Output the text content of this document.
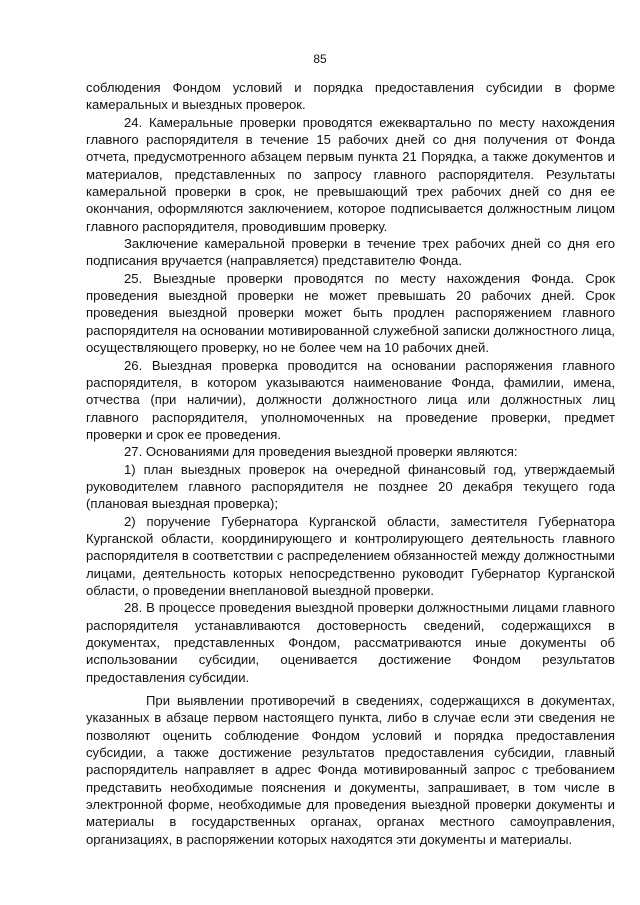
85

соблюдения Фондом условий и порядка предоставления субсидии в форме камеральных и выездных проверок.

24. Камеральные проверки проводятся ежеквартально по месту нахождения главного распорядителя в течение 15 рабочих дней со дня получения от Фонда отчета, предусмотренного абзацем первым пункта 21 Порядка, а также документов и материалов, представленных по запросу главного распорядителя. Результаты камеральной проверки в срок, не превышающий трех рабочих дней со дня ее окончания, оформляются заключением, которое подписывается должностным лицом главного распорядителя, проводившим проверку.

Заключение камеральной проверки в течение трех рабочих дней со дня его подписания вручается (направляется) представителю Фонда.

25. Выездные проверки проводятся по месту нахождения Фонда. Срок проведения выездной проверки не может превышать 20 рабочих дней. Срок проведения выездной проверки может быть продлен распоряжением главного распорядителя на основании мотивированной служебной записки должностного лица, осуществляющего проверку, но не более чем на 10 рабочих дней.

26. Выездная проверка проводится на основании распоряжения главного распорядителя, в котором указываются наименование Фонда, фамилии, имена, отчества (при наличии), должности должностного лица или должностных лиц главного распорядителя, уполномоченных на проведение проверки, предмет проверки и срок ее проведения.

27. Основаниями для проведения выездной проверки являются:

1) план выездных проверок на очередной финансовый год, утверждаемый руководителем главного распорядителя не позднее 20 декабря текущего года (плановая выездная проверка);

2) поручение Губернатора Курганской области, заместителя Губернатора Курганской области, координирующего и контролирующего деятельность главного распорядителя в соответствии с распределением обязанностей между должностными лицами, деятельность которых непосредственно руководит Губернатор Курганской области, о проведении внеплановой выездной проверки.

28. В процессе проведения выездной проверки должностными лицами главного распорядителя устанавливаются достоверность сведений, содержащихся в документах, представленных Фондом, рассматриваются иные документы об использовании субсидии, оценивается достижение Фондом результатов предоставления субсидии.

При выявлении противоречий в сведениях, содержащихся в документах, указанных в абзаце первом настоящего пункта, либо в случае если эти сведения не позволяют оценить соблюдение Фондом условий и порядка предоставления субсидии, а также достижение результатов предоставления субсидии, главный распорядитель направляет в адрес Фонда мотивированный запрос с требованием представить необходимые пояснения и документы, запрашивает, в том числе в электронной форме, необходимые для проведения выездной проверки документы и материалы в государственных органах, органах местного самоуправления, организациях, в распоряжении которых находятся эти документы и материалы.
